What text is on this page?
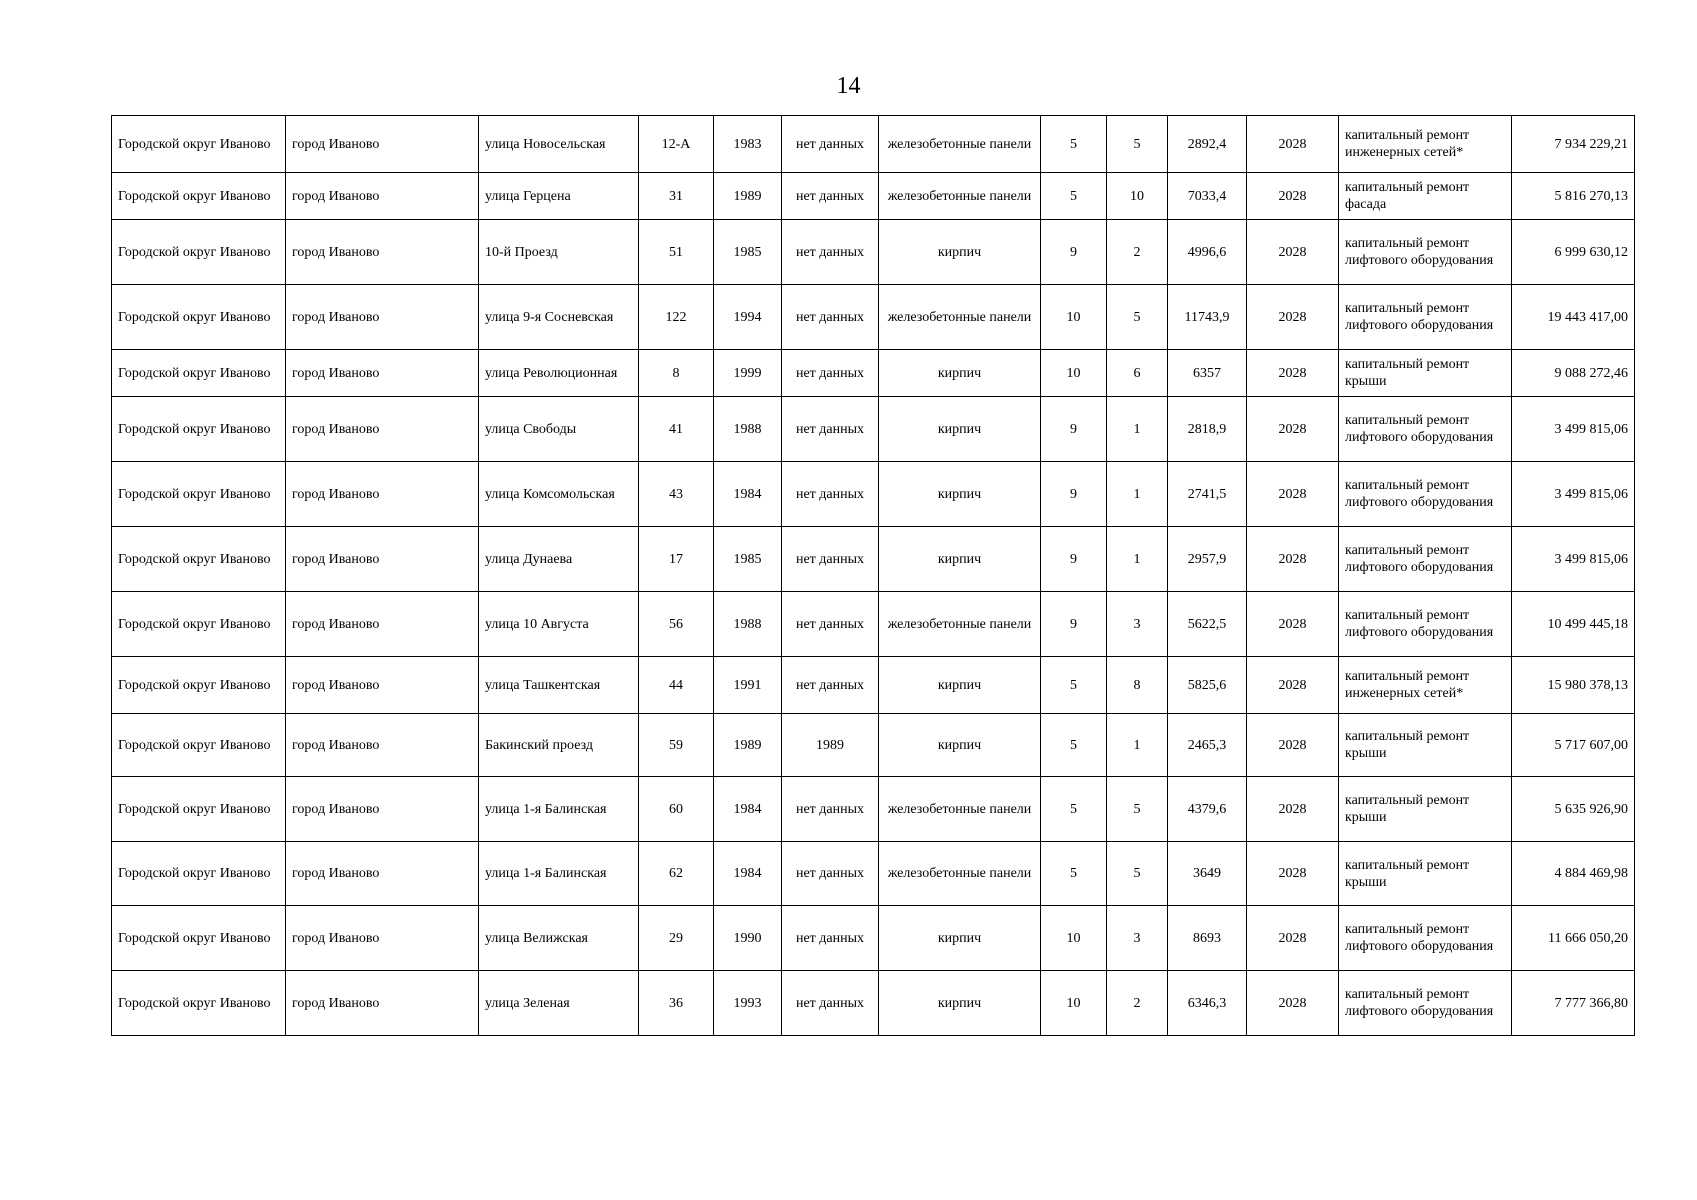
14
Городской округ Иваново	город Иваново	улица Новосельская	12-А	1983	нет данных	железобетонные панели	5	5	2892,4	2028	капитальный ремонт инженерных сетей*	7 934 229,21
Городской округ Иваново	город Иваново	улица Герцена	31	1989	нет данных	железобетонные панели	5	10	7033,4	2028	капитальный ремонт фасада	5 816 270,13
Городской округ Иваново	город Иваново	10-й Проезд	51	1985	нет данных	кирпич	9	2	4996,6	2028	капитальный ремонт лифтового оборудования	6 999 630,12
Городской округ Иваново	город Иваново	улица 9-я Сосневская	122	1994	нет данных	железобетонные панели	10	5	11743,9	2028	капитальный ремонт лифтового оборудования	19 443 417,00
Городской округ Иваново	город Иваново	улица Революционная	8	1999	нет данных	кирпич	10	6	6357	2028	капитальный ремонт крыши	9 088 272,46
Городской округ Иваново	город Иваново	улица Свободы	41	1988	нет данных	кирпич	9	1	2818,9	2028	капитальный ремонт лифтового оборудования	3 499 815,06
Городской округ Иваново	город Иваново	улица Комсомольская	43	1984	нет данных	кирпич	9	1	2741,5	2028	капитальный ремонт лифтового оборудования	3 499 815,06
Городской округ Иваново	город Иваново	улица Дунаева	17	1985	нет данных	кирпич	9	1	2957,9	2028	капитальный ремонт лифтового оборудования	3 499 815,06
Городской округ Иваново	город Иваново	улица 10 Августа	56	1988	нет данных	железобетонные панели	9	3	5622,5	2028	капитальный ремонт лифтового оборудования	10 499 445,18
Городской округ Иваново	город Иваново	улица Ташкентская	44	1991	нет данных	кирпич	5	8	5825,6	2028	капитальный ремонт инженерных сетей*	15 980 378,13
Городской округ Иваново	город Иваново	Бакинский проезд	59	1989	1989	кирпич	5	1	2465,3	2028	капитальный ремонт крыши	5 717 607,00
Городской округ Иваново	город Иваново	улица 1-я Балинская	60	1984	нет данных	железобетонные панели	5	5	4379,6	2028	капитальный ремонт крыши	5 635 926,90
Городской округ Иваново	город Иваново	улица 1-я Балинская	62	1984	нет данных	железобетонные панели	5	5	3649	2028	капитальный ремонт крыши	4 884 469,98
Городской округ Иваново	город Иваново	улица Велижская	29	1990	нет данных	кирпич	10	3	8693	2028	капитальный ремонт лифтового оборудования	11 666 050,20
Городской округ Иваново	город Иваново	улица Зеленая	36	1993	нет данных	кирпич	10	2	6346,3	2028	капитальный ремонт лифтового оборудования	7 777 366,80
